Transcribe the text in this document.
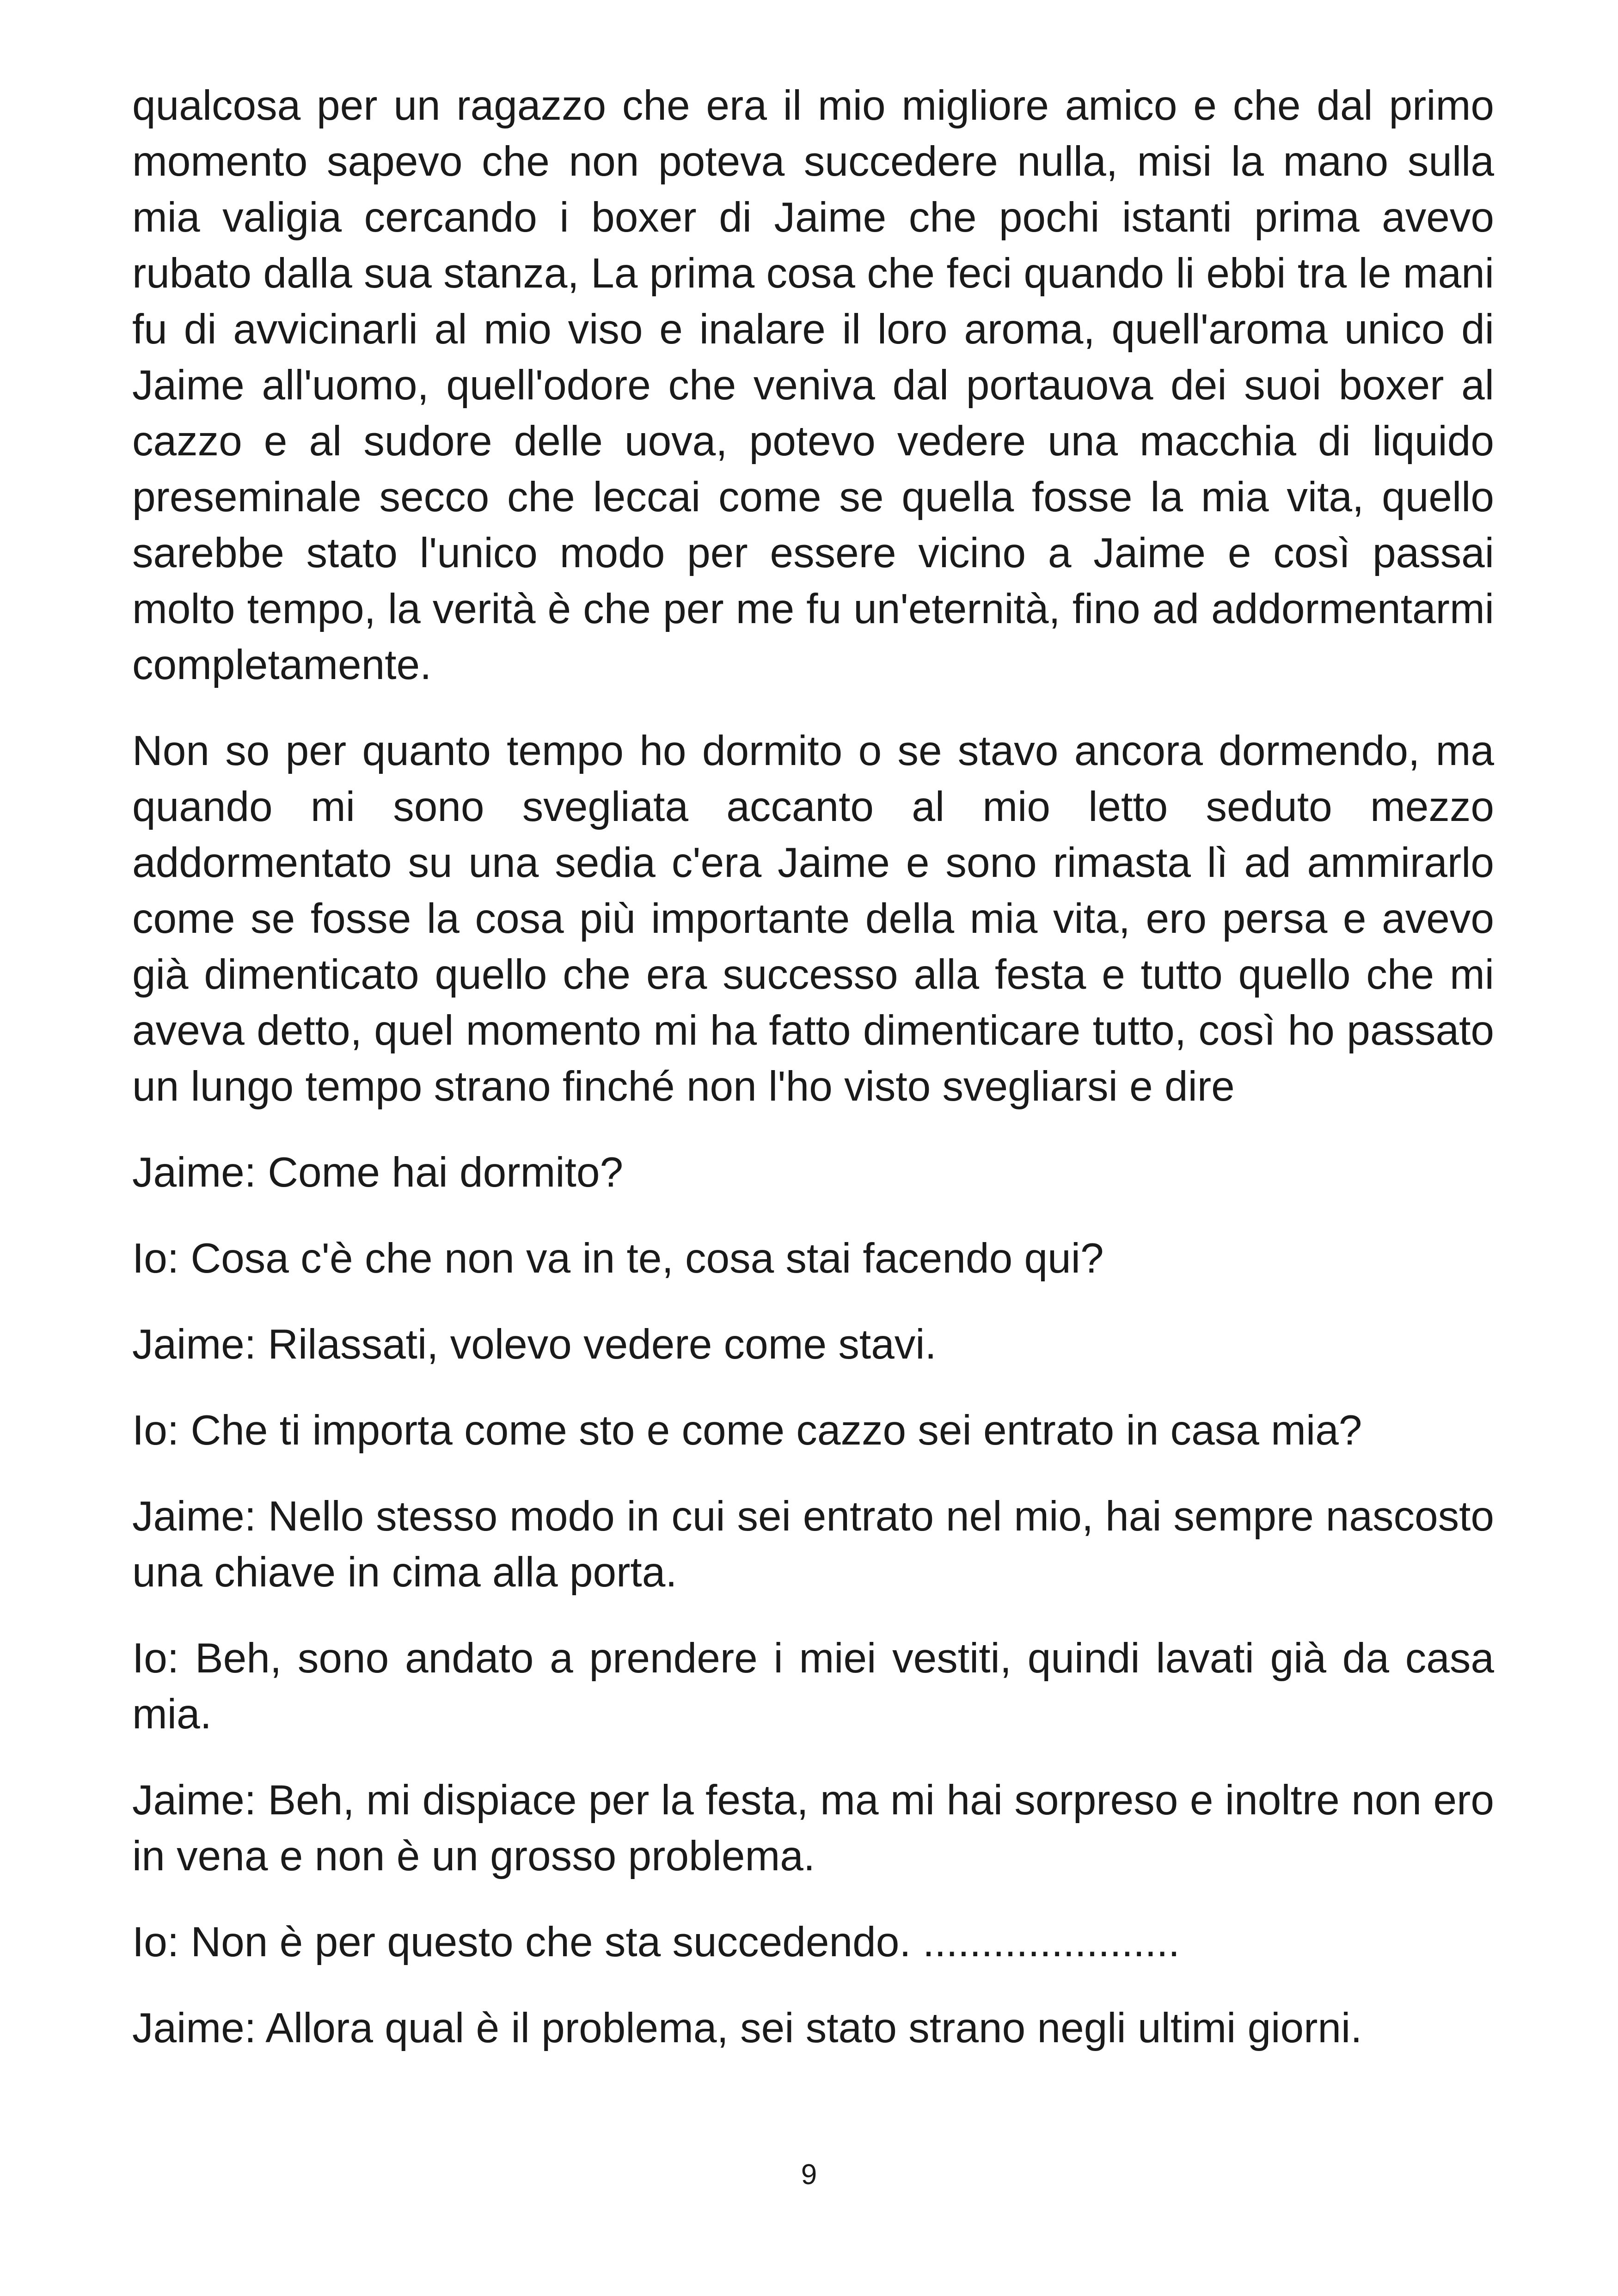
qualcosa per un ragazzo che era il mio migliore amico e che dal primo momento sapevo che non poteva succedere nulla, misi la mano sulla mia valigia cercando i boxer di Jaime che pochi istanti prima avevo rubato dalla sua stanza, La prima cosa che feci quando li ebbi tra le mani fu di avvicinarli al mio viso e inalare il loro aroma, quell'aroma unico di Jaime all'uomo, quell'odore che veniva dal portauova dei suoi boxer al cazzo e al sudore delle uova, potevo vedere una macchia di liquido preseminale secco che leccai come se quella fosse la mia vita, quello sarebbe stato l'unico modo per essere vicino a Jaime e così passai molto tempo, la verità è che per me fu un'eternità, fino ad addormentarmi completamente.

Non so per quanto tempo ho dormito o se stavo ancora dormendo, ma quando mi sono svegliata accanto al mio letto seduto mezzo addormentato su una sedia c'era Jaime e sono rimasta lì ad ammirarlo come se fosse la cosa più importante della mia vita, ero persa e avevo già dimenticato quello che era successo alla festa e tutto quello che mi aveva detto, quel momento mi ha fatto dimenticare tutto, così ho passato un lungo tempo strano finché non l'ho visto svegliarsi e dire

Jaime: Come hai dormito?

Io: Cosa c'è che non va in te, cosa stai facendo qui?

Jaime: Rilassati, volevo vedere come stavi.

Io: Che ti importa come sto e come cazzo sei entrato in casa mia?

Jaime: Nello stesso modo in cui sei entrato nel mio, hai sempre nascosto una chiave in cima alla porta.

Io: Beh, sono andato a prendere i miei vestiti, quindi lavati già da casa mia.

Jaime: Beh, mi dispiace per la festa, ma mi hai sorpreso e inoltre non ero in vena e non è un grosso problema.

Io: Non è per questo che sta succedendo. ......................

Jaime: Allora qual è il problema, sei stato strano negli ultimi giorni.

9
